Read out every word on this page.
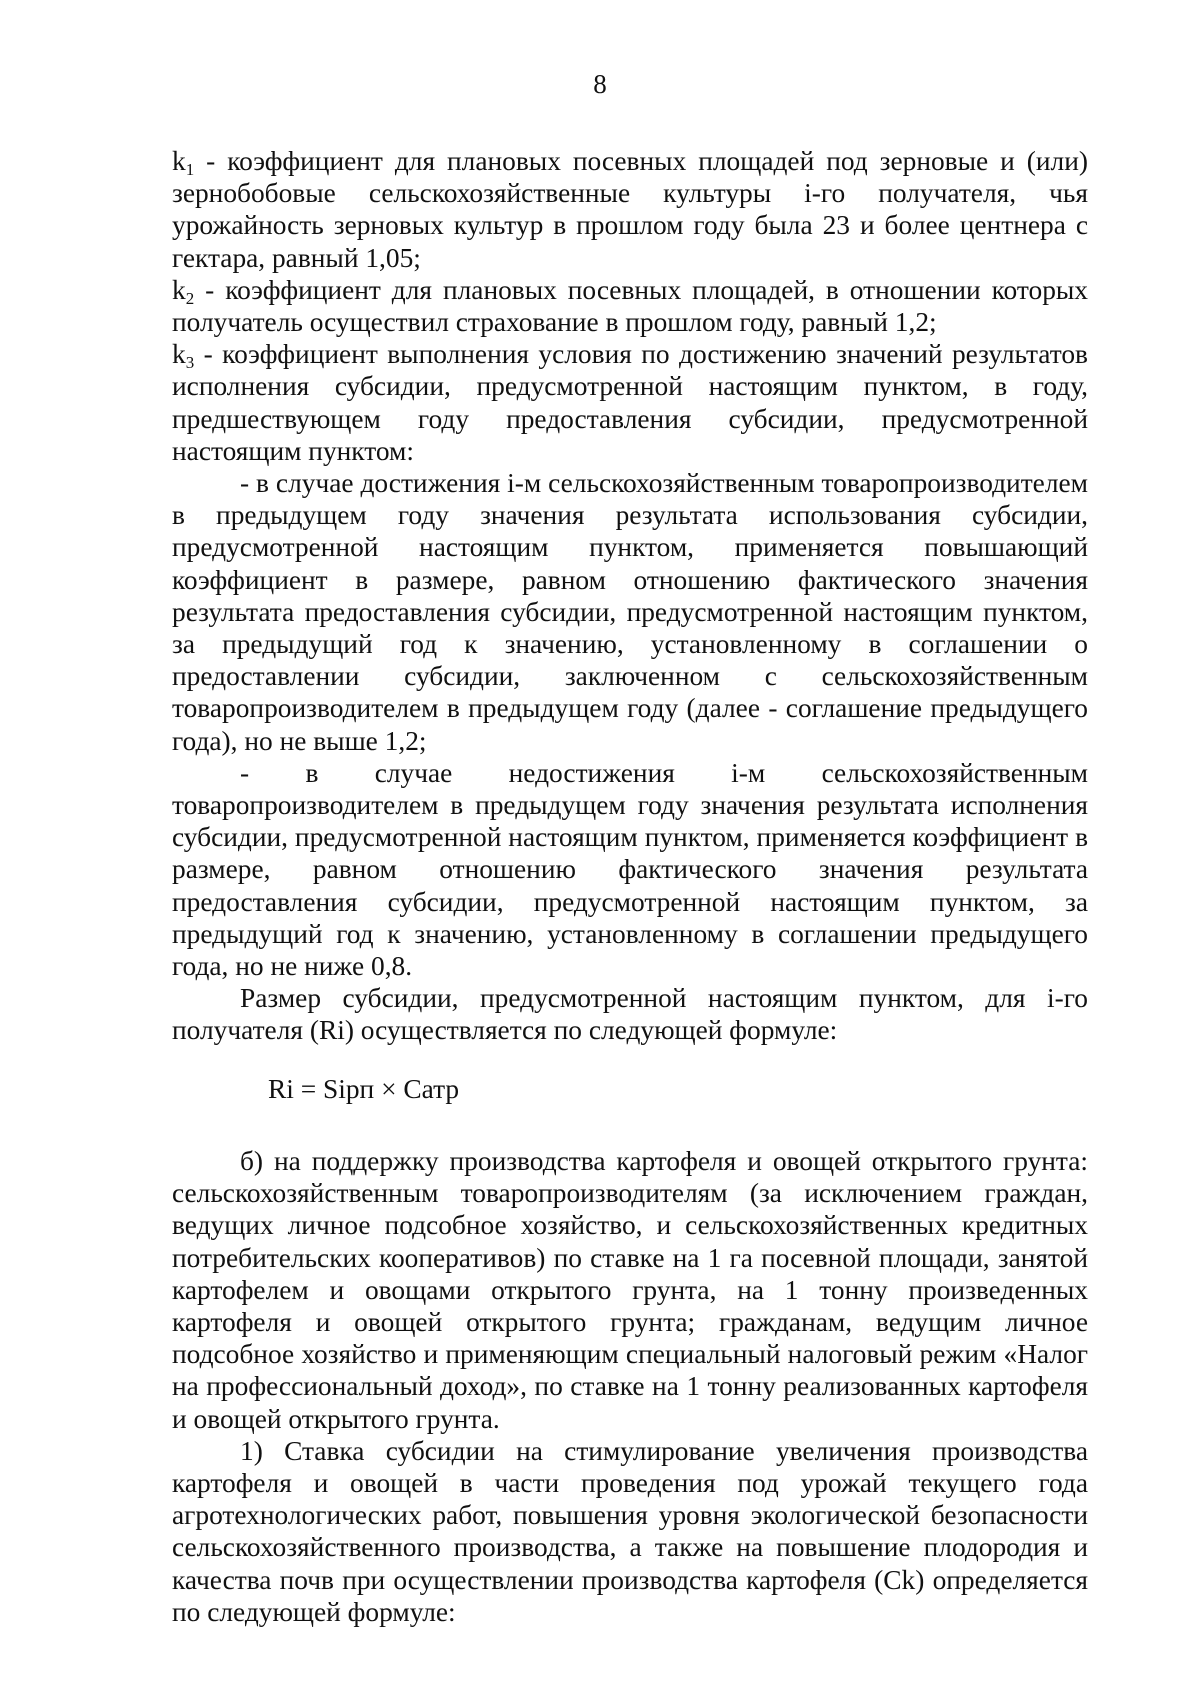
8

$k_1$ - коэффициент для плановых посевных площадей под зерновые и (или) зернобобовые сельскохозяйственные культуры i-го получателя, чья урожайность зерновых культур в прошлом году была 23 и более центнера с гектара, равный 1,05;

$k_2$ - коэффициент для плановых посевных площадей, в отношении которых получатель осуществил страхование в прошлом году, равный 1,2;

$k_3$ - коэффициент выполнения условия по достижению значений результатов исполнения субсидии, предусмотренной настоящим пунктом, в году, предшествующем году предоставления субсидии, предусмотренной настоящим пунктом:

- в случае достижения i-м сельскохозяйственным товаропроизводителем в предыдущем году значения результата использования субсидии, предусмотренной настоящим пунктом, применяется повышающий коэффициент в размере, равном отношению фактического значения результата предоставления субсидии, предусмотренной настоящим пунктом, за предыдущий год к значению, установленному в соглашении о предоставлении субсидии, заключенном с сельскохозяйственным товаропроизводителем в предыдущем году (далее - соглашение предыдущего года), но не выше 1,2;

- в случае недостижения i-м сельскохозяйственным товаропроизводителем в предыдущем году значения результата исполнения субсидии, предусмотренной настоящим пунктом, применяется коэффициент в размере, равном отношению фактического значения результата предоставления субсидии, предусмотренной настоящим пунктом, за предыдущий год к значению, установленному в соглашении предыдущего года, но не ниже 0,8.

Размер субсидии, предусмотренной настоящим пунктом, для i-го получателя (Ri) осуществляется по следующей формуле:

Ri = Sipп × Cатр

б) на поддержку производства картофеля и овощей открытого грунта: сельскохозяйственным товаропроизводителям (за исключением граждан, ведущих личное подсобное хозяйство, и сельскохозяйственных кредитных потребительских кооперативов) по ставке на 1 га посевной площади, занятой картофелем и овощами открытого грунта, на 1 тонну произведенных картофеля и овощей открытого грунта; гражданам, ведущим личное подсобное хозяйство и применяющим специальный налоговый режим «Налог на профессиональный доход», по ставке на 1 тонну реализованных картофеля и овощей открытого грунта.

1) Ставка субсидии на стимулирование увеличения производства картофеля и овощей в части проведения под урожай текущего года агротехнологических работ, повышения уровня экологической безопасности сельскохозяйственного производства, а также на повышение плодородия и качества почв при осуществлении производства картофеля (Ck) определяется по следующей формуле:
